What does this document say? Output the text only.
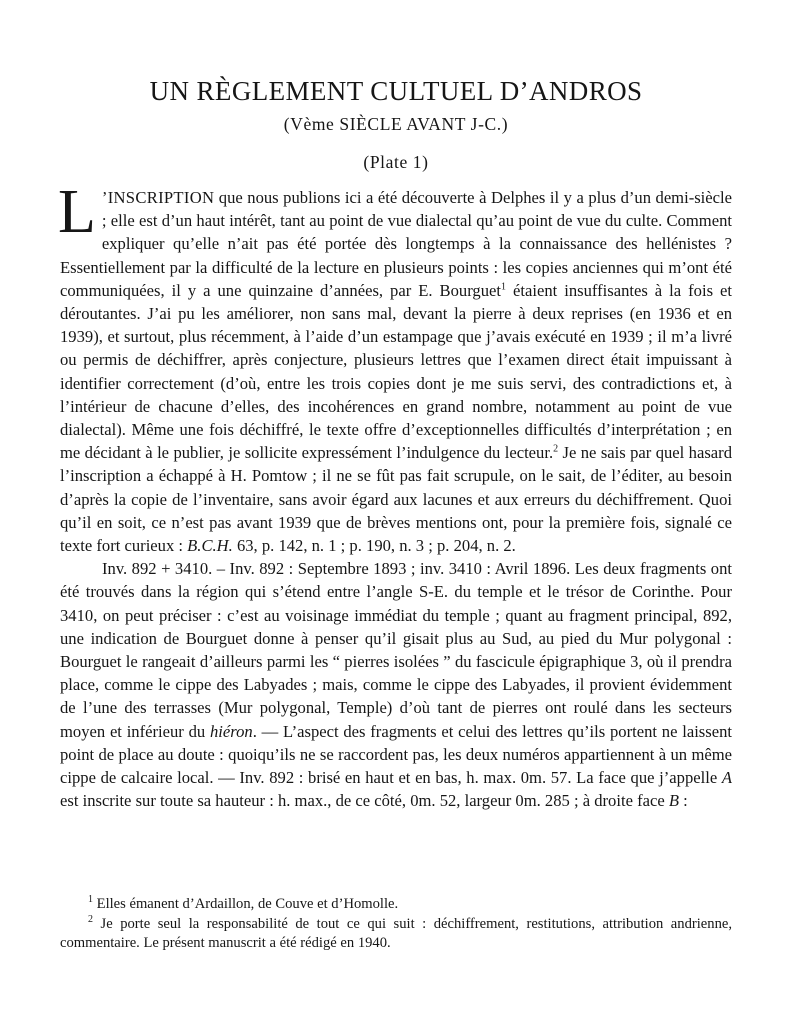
UN RÈGLEMENT CULTUEL D’ANDROS
(Vème SIÈCLE AVANT J-C.)
(Plate 1)

L ’INSCRIPTION que nous publions ici a été découverte à Delphes il y a plus d’un demi-siècle ; elle est d’un haut intérêt, tant au point de vue dialectal qu’au point de vue du culte. Comment expliquer qu’elle n’ait pas été portée dès longtemps à la connaissance des hellénistes ? Essentiellement par la difficulté de la lecture en plusieurs points : les copies anciennes qui m’ont été communiquées, il y a une quinzaine d’années, par E. Bourguet$^1$ étaient insuffisantes à la fois et déroutantes. J’ai pu les améliorer, non sans mal, devant la pierre à deux reprises (en 1936 et en 1939), et surtout, plus récemment, à l’aide d’un estampage que j’avais exécuté en 1939 ; il m’a livré ou permis de déchiffrer, après conjecture, plusieurs lettres que l’examen direct était impuissant à identifier correctement (d’où, entre les trois copies dont je me suis servi, des contradictions et, à l’intérieur de chacune d’elles, des incohérences en grand nombre, notamment au point de vue dialectal). Même une fois déchiffré, le texte offre d’exceptionnelles difficultés d’interprétation ; en me décidant à le publier, je sollicite expressément l’indulgence du lecteur.$^2$ Je ne sais par quel hasard l’inscription a échappé à H. Pomtow ; il ne se fût pas fait scrupule, on le sait, de l’éditer, au besoin d’après la copie de l’inventaire, sans avoir égard aux lacunes et aux erreurs du déchiffrement. Quoi qu’il en soit, ce n’est pas avant 1939 que de brèves mentions ont, pour la première fois, signalé ce texte fort curieux : B.C.H. 63, p. 142, n. 1 ; p. 190, n. 3 ; p. 204, n. 2.

Inv. 892 + 3410. – Inv. 892 : Septembre 1893 ; inv. 3410 : Avril 1896. Les deux fragments ont été trouvés dans la région qui s’étend entre l’angle S-E. du temple et le trésor de Corinthe. Pour 3410, on peut préciser : c’est au voisinage immédiat du temple ; quant au fragment principal, 892, une indication de Bourguet donne à penser qu’il gisait plus au Sud, au pied du Mur polygonal : Bourguet le rangeait d’ailleurs parmi les “ pierres isolées ” du fascicule épigraphique 3, où il prendra place, comme le cippe des Labyades ; mais, comme le cippe des Labyades, il provient évidemment de l’une des terrasses (Mur polygonal, Temple) d’où tant de pierres ont roulé dans les secteurs moyen et inférieur du hiéron. — L’aspect des fragments et celui des lettres qu’ils portent ne laissent point de place au doute : quoiqu’ils ne se raccordent pas, les deux numéros appartiennent à un même cippe de calcaire local. — Inv. 892 : brisé en haut et en bas, h. max. 0m. 57. La face que j’appelle A est inscrite sur toute sa hauteur : h. max., de ce côté, 0m. 52, largeur 0m. 285 ; à droite face B :

$^1$ Elles émanent d’Ardaillon, de Couve et d’Homolle.

$^2$ Je porte seul la responsabilité de tout ce qui suit : déchiffrement, restitutions, attribution andrienne, commentaire. Le présent manuscrit a été rédigé en 1940.
